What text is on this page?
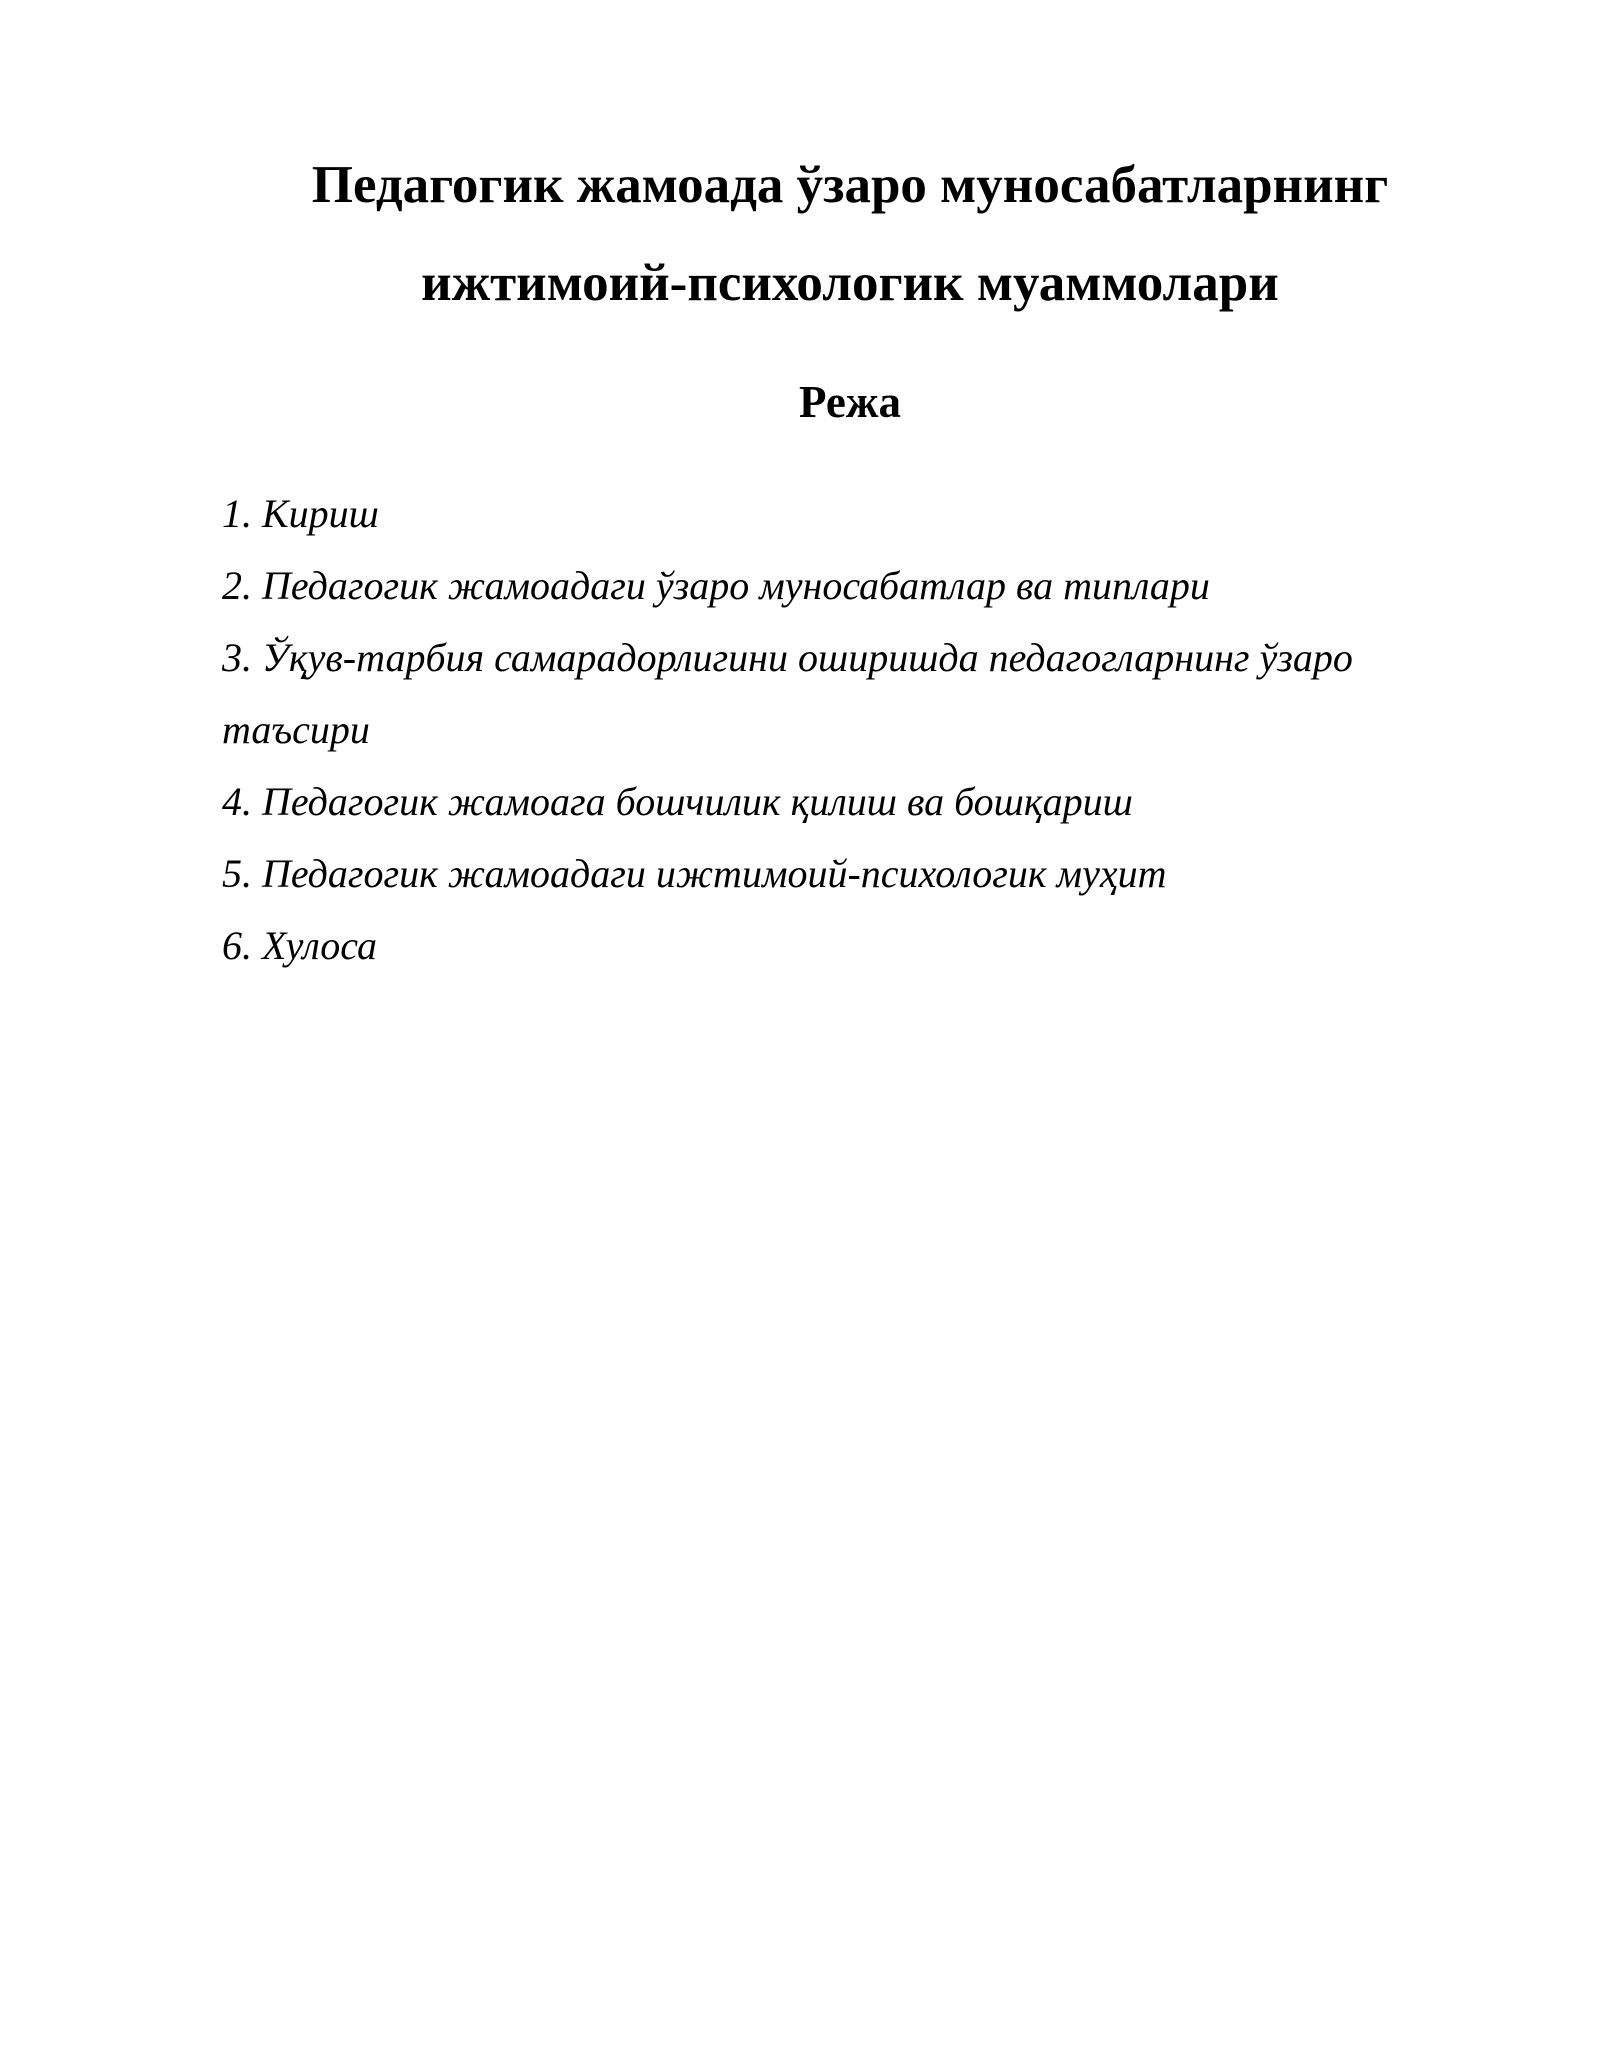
Педагогик жамоада ўзаро муносабатларнинг
ижтимоий-психологик муаммолари
Режа
1. Кириш
2. Педагогик жамоадаги ўзаро муносабатлар ва типлари
3. Ўқув-тарбия самарадорлигини оширишда педагогларнинг ўзаро
таъсири
4. Педагогик жамоага бошчилик қилиш ва бошқариш
5. Педагогик жамоадаги ижтимоий-психологик муҳит
6. Хулоса
